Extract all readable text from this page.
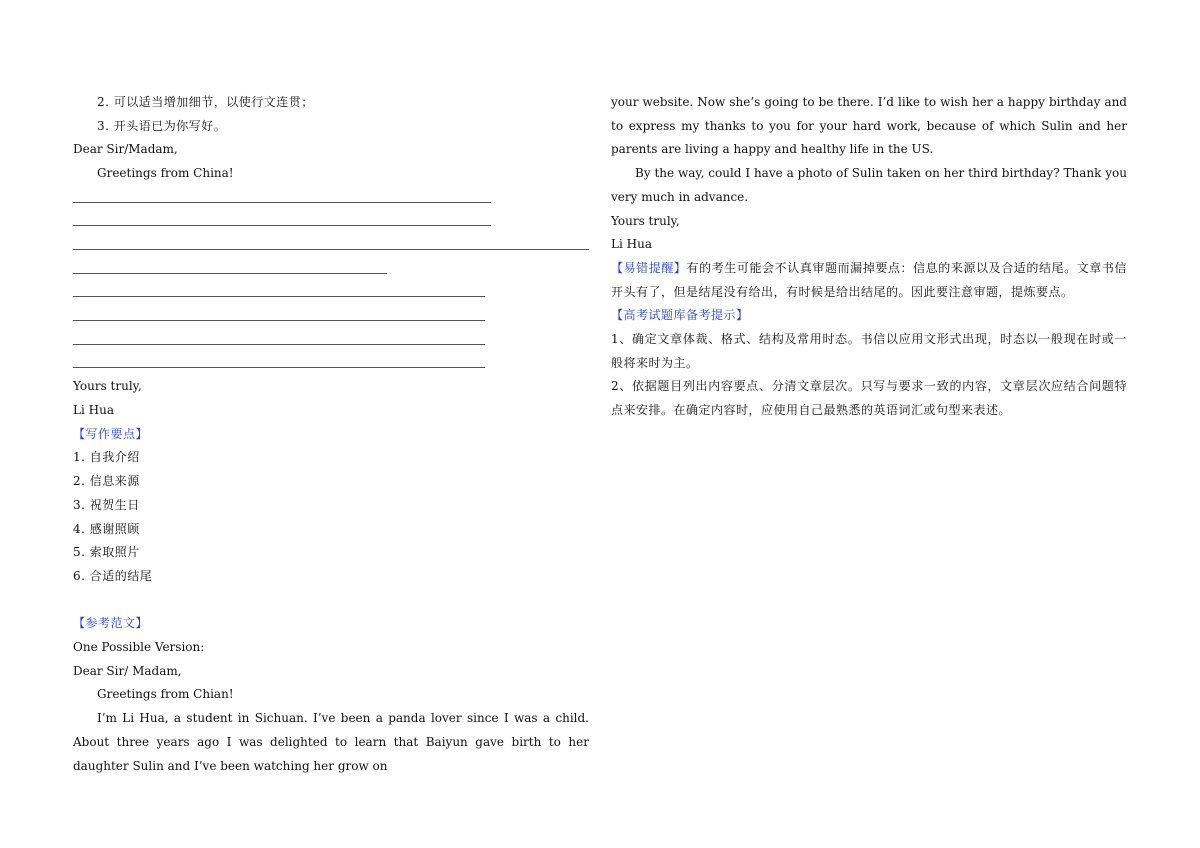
2. 可以适当增加细节，以使行文连贯；

3. 开头语已为你写好。

Dear Sir/Madam,

Greetings from China!

Yours truly,

Li Hua

【写作要点】

1. 自我介绍

2. 信息来源

3. 祝贺生日

4. 感谢照顾

5. 索取照片

6. 合适的结尾

【参考范文】

One Possible Version:

Dear Sir/ Madam,

Greetings from Chian!

I’m Li Hua, a student in Sichuan. I’ve been a panda lover since I was a child. About three years ago I was delighted to learn that Baiyun gave birth to her daughter Sulin and I’ve been watching her grow on

your website. Now she’s going to be there. I’d like to wish her a happy birthday and to express my thanks to you for your hard work, because of which Sulin and her parents are living a happy and healthy life in the US.

By the way, could I have a photo of Sulin taken on her third birthday? Thank you very much in advance.

Yours truly,

Li Hua

【易错提醒】有的考生可能会不认真审题而漏掉要点：信息的来源以及合适的结尾。文章书信开头有了，但是结尾没有给出，有时候是给出结尾的。因此要注意审题，提炼要点。

【高考试题库备考提示】

1、确定文章体裁、格式、结构及常用时态。书信以应用文形式出现，时态以一般现在时或一般将来时为主。

2、依据题目列出内容要点、分清文章层次。只写与要求一致的内容，文章层次应结合问题特点来安排。在确定内容时，应使用自己最熟悉的英语词汇或句型来表述。
